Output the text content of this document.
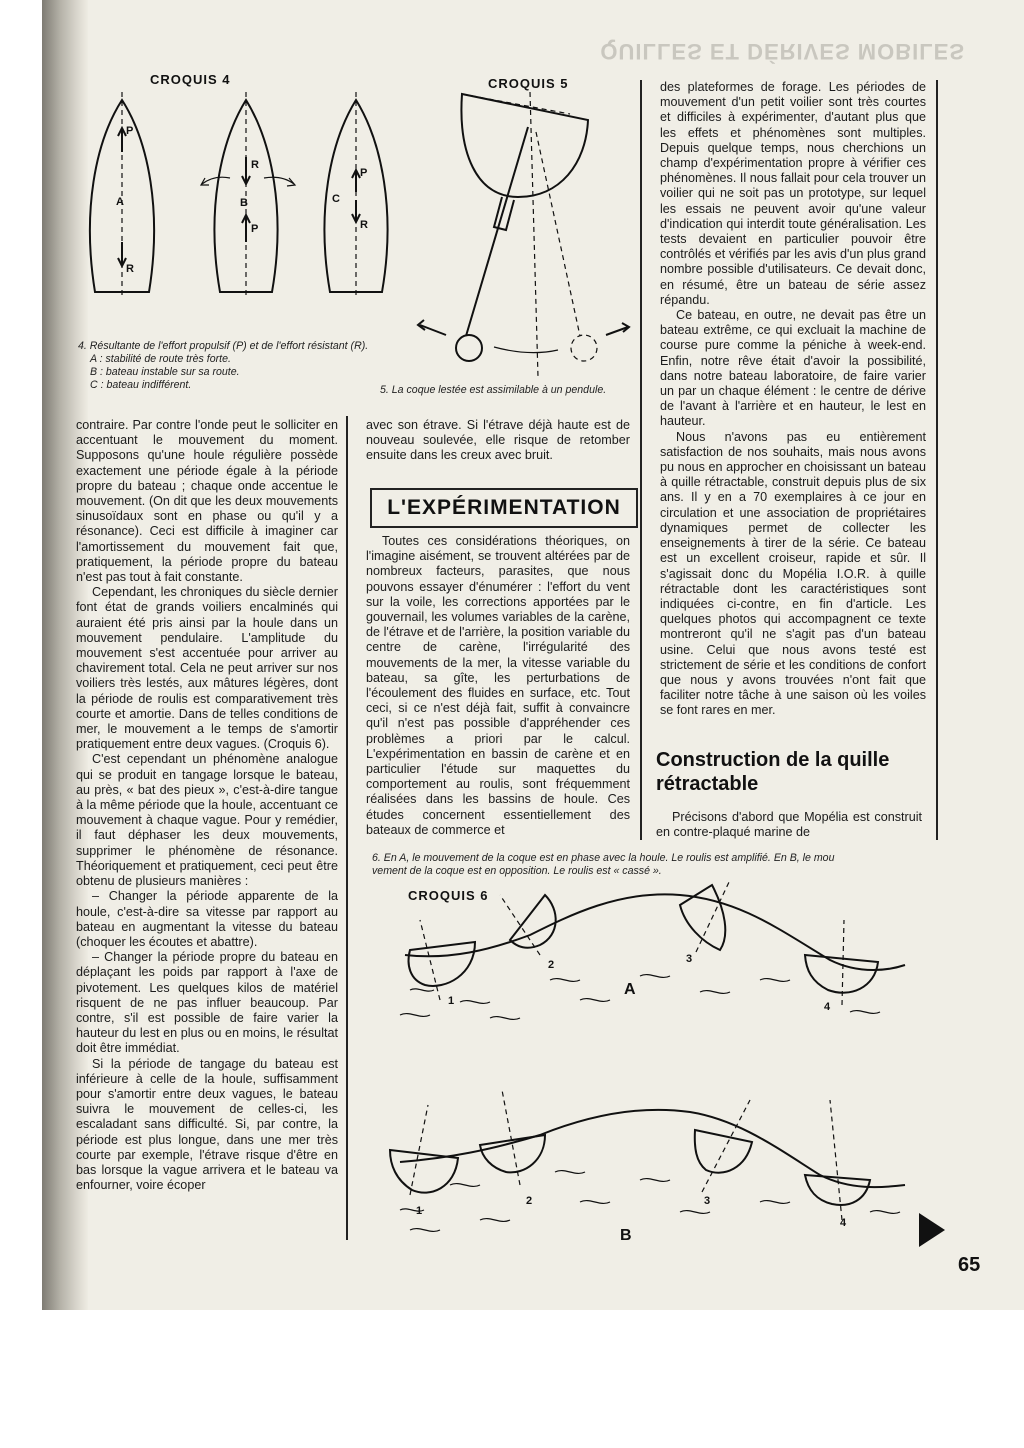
QUILLES ET DÉRIVES MOBILES
CROQUIS 4
P
A
R
R
B
P
P
C
R
4. Résultante de l'effort propulsif (P) et de l'effort résistant (R).
A : stabilité de route très forte.
B : bateau instable sur sa route.
C : bateau indifférent.
CROQUIS 5
5. La coque lestée est assimilable à un pendule.

contraire. Par contre l'onde peut le solliciter en accentuant le mouvement du moment. Supposons qu'une houle régulière possède exactement une période égale à la période propre du bateau ; chaque onde accentue le mouvement. (On dit que les deux mouvements sinusoïdaux sont en phase ou qu'il y a résonance). Ceci est difficile à imaginer car l'amortissement du mouvement fait que, pratiquement, la période propre du bateau n'est pas tout à fait constante.

Cependant, les chroniques du siècle dernier font état de grands voiliers encalminés qui auraient été pris ainsi par la houle dans un mouvement pendulaire. L'amplitude du mouvement s'est accentuée pour arriver au chavirement total. Cela ne peut arriver sur nos voiliers très lestés, aux mâtures légères, dont la période de roulis est comparativement très courte et amortie. Dans de telles conditions de mer, le mouvement a le temps de s'amortir pratiquement entre deux vagues. (Croquis 6).

C'est cependant un phénomène analogue qui se produit en tangage lorsque le bateau, au près, « bat des pieux », c'est-à-dire tangue à la même période que la houle, accentuant ce mouvement à chaque vague. Pour y remédier, il faut déphaser les deux mouvements, supprimer le phénomène de résonance. Théoriquement et pratiquement, ceci peut être obtenu de plusieurs manières :

– Changer la période apparente de la houle, c'est-à-dire sa vitesse par rapport au bateau en augmentant la vitesse du bateau (choquer les écoutes et abattre).

– Changer la période propre du bateau en déplaçant les poids par rapport à l'axe de pivotement. Les quelques kilos de matériel risquent de ne pas influer beaucoup. Par contre, s'il est possible de faire varier la hauteur du lest en plus ou en moins, le résultat doit être immédiat.

Si la période de tangage du bateau est inférieure à celle de la houle, suffisamment pour s'amortir entre deux vagues, le bateau suivra le mouvement de celles-ci, les escaladant sans difficulté. Si, par contre, la période est plus longue, dans une mer très courte par exemple, l'étrave risque d'être en bas lorsque la vague arrivera et le bateau va enfourner, voire écoper

avec son étrave. Si l'étrave déjà haute est de nouveau soulevée, elle risque de retomber ensuite dans les creux avec bruit.

L'EXPÉRIMENTATION

Toutes ces considérations théoriques, on l'imagine aisément, se trouvent altérées par de nombreux facteurs, parasites, que nous pouvons essayer d'énumérer : l'effort du vent sur la voile, les corrections apportées par le gouvernail, les volumes variables de la carène, de l'étrave et de l'arrière, la position variable du centre de carène, l'irrégularité des mouvements de la mer, la vitesse variable du bateau, sa gîte, les perturbations de l'écoulement des fluides en surface, etc. Tout ceci, si ce n'est déjà fait, suffit à convaincre qu'il n'est pas possible d'appréhender ces problèmes a priori par le calcul. L'expérimentation en bassin de carène et en particulier l'étude sur maquettes du comportement au roulis, sont fréquemment réalisées dans les bassins de houle. Ces études concernent essentiellement des bateaux de commerce et

des plateformes de forage. Les périodes de mouvement d'un petit voilier sont très courtes et difficiles à expérimenter, d'autant plus que les effets et phénomènes sont multiples. Depuis quelque temps, nous cherchions un champ d'expérimentation propre à vérifier ces phénomènes. Il nous fallait pour cela trouver un voilier qui ne soit pas un prototype, sur lequel les essais ne peuvent avoir qu'une valeur d'indication qui interdit toute généralisation. Les tests devaient en particulier pouvoir être contrôlés et vérifiés par les avis d'un plus grand nombre possible d'utilisateurs. Ce devait donc, en résumé, être un bateau de série assez répandu.

Ce bateau, en outre, ne devait pas être un bateau extrême, ce qui excluait la machine de course pure comme la péniche à week-end. Enfin, notre rêve était d'avoir la possibilité, dans notre bateau laboratoire, de faire varier un par un chaque élément : le centre de dérive de l'avant à l'arrière et en hauteur, le lest en hauteur.

Nous n'avons pas eu entièrement satisfaction de nos souhaits, mais nous avons pu nous en approcher en choisissant un bateau à quille rétractable, construit depuis plus de six ans. Il y en a 70 exemplaires à ce jour en circulation et une association de propriétaires dynamiques permet de collecter les enseignements à tirer de la série. Ce bateau est un excellent croiseur, rapide et sûr. Il s'agissait donc du Mopélia I.O.R. à quille rétractable dont les caractéristiques sont indiquées ci-contre, en fin d'article. Les quelques photos qui accompagnent ce texte montreront qu'il ne s'agit pas d'un bateau usine. Celui que nous avons testé est strictement de série et les conditions de confort que nous y avons trouvées n'ont fait que faciliter notre tâche à une saison où les voiles se font rares en mer.

Construction de la quille rétractable

Précisons d'abord que Mopélia est construit en contre-plaqué marine de

6. En A, le mouvement de la coque est en phase avec la houle. Le roulis est amplifié. En B, le mou
vement de la coque est en opposition. Le roulis est « cassé ».
CROQUIS 6
1
2	3
4
A
1
2	3
4
B
65
